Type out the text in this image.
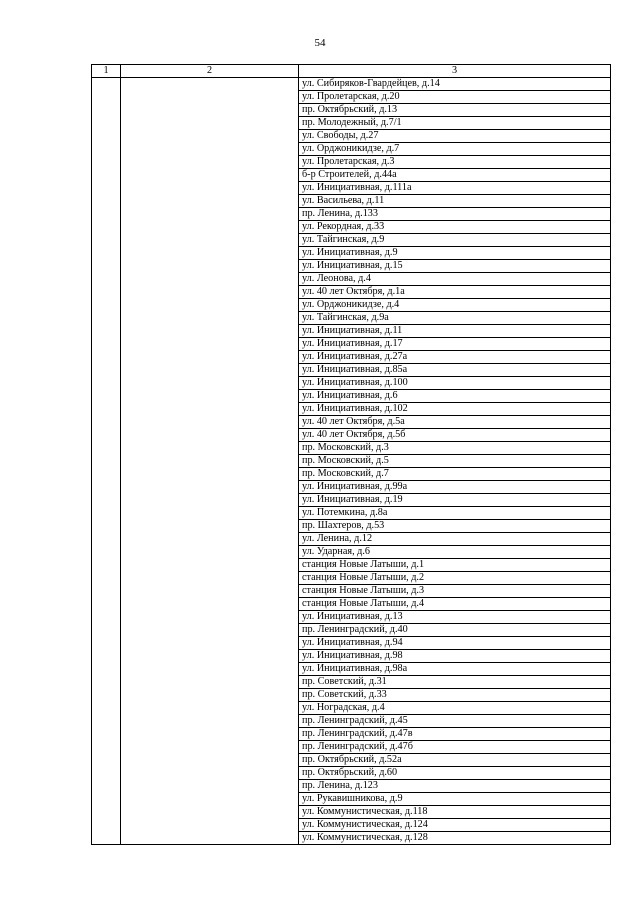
54
1	2	3
		ул. Сибиряков-Гвардейцев, д.14
		ул. Пролетарская, д.20
		пр. Октябрьский, д.13
		пр. Молодежный, д.7/1
		ул. Свободы, д.27
		ул. Орджоникидзе, д.7
		ул. Пролетарская, д.3
		б-р Строителей, д.44а
		ул. Инициативная, д.111а
		ул. Васильева, д.11
		пр. Ленина, д.133
		ул. Рекордная, д.33
		ул. Тайгинская, д.9
		ул. Инициативная, д.9
		ул. Инициативная, д.15
		ул. Леонова, д.4
		ул. 40 лет Октября, д.1а
		ул. Орджоникидзе, д.4
		ул. Тайгинская, д.9а
		ул. Инициативная, д.11
		ул. Инициативная, д.17
		ул. Инициативная, д.27а
		ул. Инициативная, д.85а
		ул. Инициативная, д.100
		ул. Инициативная, д.6
		ул. Инициативная, д.102
		ул. 40 лет Октября, д.5а
		ул. 40 лет Октября, д.5б
		пр. Московский, д.3
		пр. Московский, д.5
		пр. Московский, д.7
		ул. Инициативная, д.99а
		ул. Инициативная, д.19
		ул. Потемкина, д.8а
		пр. Шахтеров, д.53
		ул. Ленина, д.12
		ул. Ударная, д.6
		станция Новые Латыши, д.1
		станция Новые Латыши, д.2
		станция Новые Латыши, д.3
		станция Новые Латыши, д.4
		ул. Инициативная, д.13
		пр. Ленинградский, д.40
		ул. Инициативная, д.94
		ул. Инициативная, д.98
		ул. Инициативная, д.98а
		пр. Советский, д.31
		пр. Советский, д.33
		ул. Ноградская, д.4
		пр. Ленинградский, д.45
		пр. Ленинградский, д.47в
		пр. Ленинградский, д.47б
		пр. Октябрьский, д.52а
		пр. Октябрьский, д.60
		пр. Ленина, д.123
		ул. Рукавишникова, д.9
		ул. Коммунистическая, д.118
		ул. Коммунистическая, д.124
		ул. Коммунистическая, д.128
